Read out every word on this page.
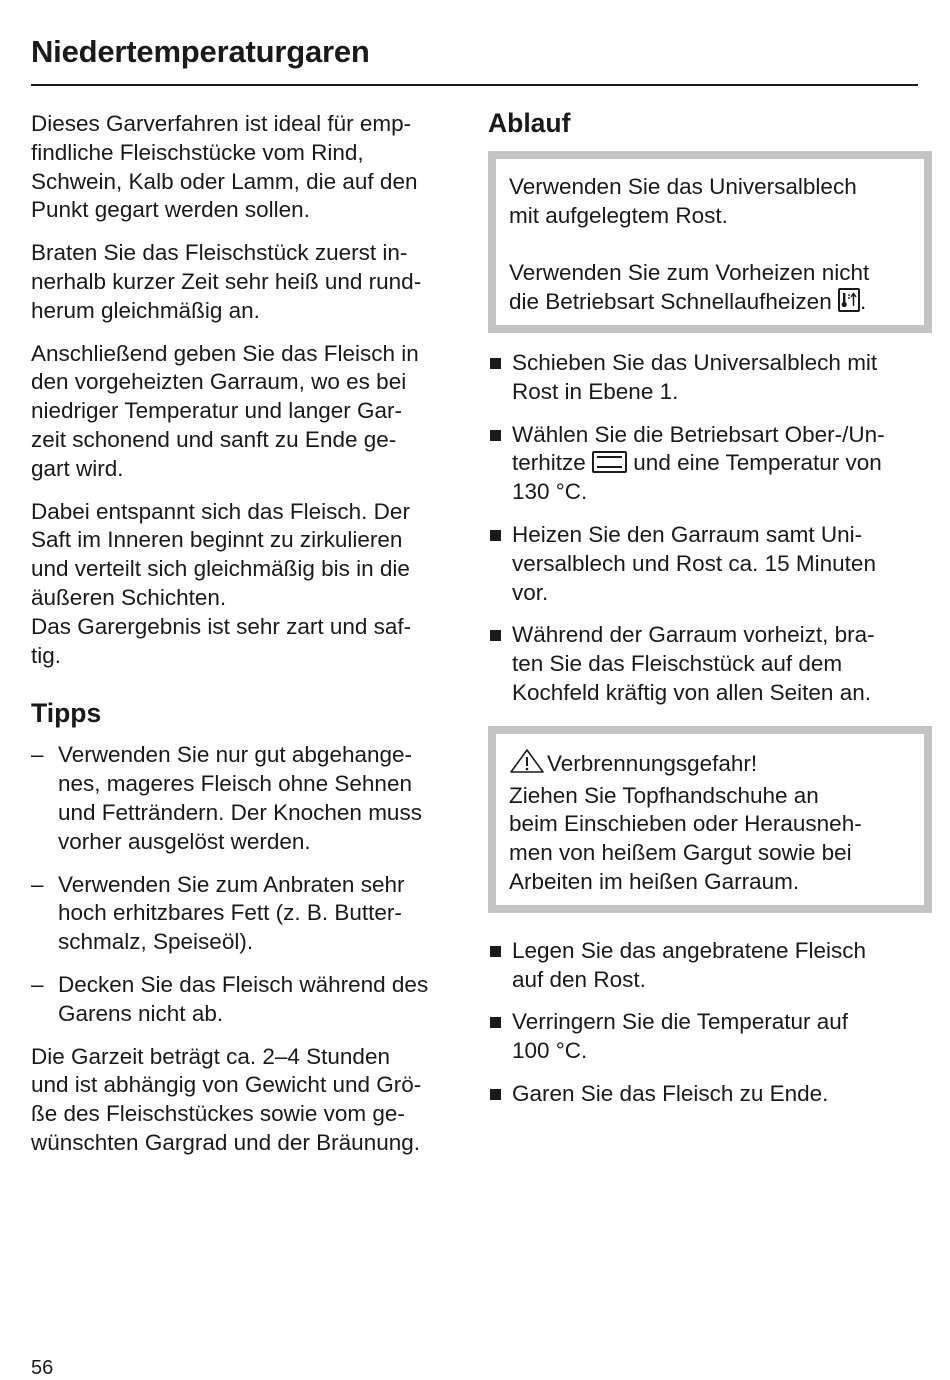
Niedertemperaturgaren

Dieses Garverfahren ist ideal für emp-
findliche Fleischstücke vom Rind,
Schwein, Kalb oder Lamm, die auf den
Punkt gegart werden sollen.

Braten Sie das Fleischstück zuerst in-
nerhalb kurzer Zeit sehr heiß und rund-
herum gleichmäßig an.

Anschließend geben Sie das Fleisch in
den vorgeheizten Garraum, wo es bei
niedriger Temperatur und langer Gar-
zeit schonend und sanft zu Ende ge-
gart wird.

Dabei entspannt sich das Fleisch. Der
Saft im Inneren beginnt zu zirkulieren
und verteilt sich gleichmäßig bis in die
äußeren Schichten.
Das Garergebnis ist sehr zart und saf-
tig.

Tipps
– Verwenden Sie nur gut abgehange-
nes, mageres Fleisch ohne Sehnen
und Fetträndern. Der Knochen muss
vorher ausgelöst werden.

– Verwenden Sie zum Anbraten sehr
hoch erhitzbares Fett (z. B. Butter-
schmalz, Speiseöl).

– Decken Sie das Fleisch während des
Garens nicht ab.

Die Garzeit beträgt ca. 2–4 Stunden
und ist abhängig von Gewicht und Grö-
ße des Fleischstückes sowie vom ge-
wünschten Gargrad und der Bräunung.

Ablauf

Verwenden Sie das Universalblech
mit aufgelegtem Rost.

Verwenden Sie zum Vorheizen nicht
die Betriebsart Schnellaufheizen
.

Schieben Sie das Universalblech mit
Rost in Ebene 1.

Wählen Sie die Betriebsart Ober-/Un-
terhitze  und eine Temperatur von
130 °C.

Heizen Sie den Garraum samt Uni-
versalblech und Rost ca. 15 Minuten
vor.

Während der Garraum vorheizt, bra-
ten Sie das Fleischstück auf dem
Kochfeld kräftig von allen Seiten an.

Verbrennungsgefahr!
Ziehen Sie Topfhandschuhe an
beim Einschieben oder Herausneh-
men von heißem Gargut sowie bei
Arbeiten im heißen Garraum.

Legen Sie das angebratene Fleisch
auf den Rost.

Verringern Sie die Temperatur auf
100 °C.

Garen Sie das Fleisch zu Ende.

56
